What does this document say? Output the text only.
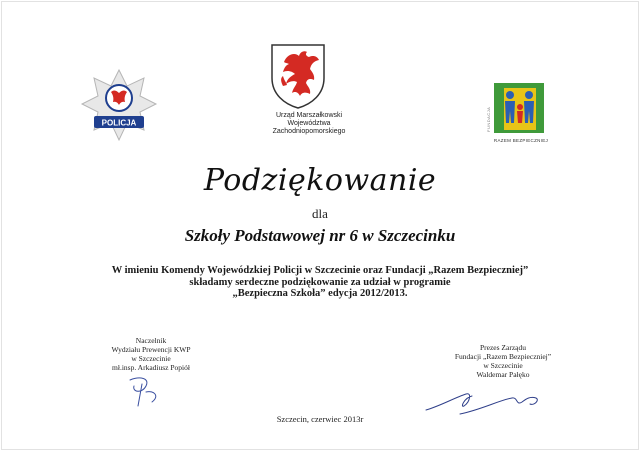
POLICJA
Urząd Marszałkowski
Województwa
Zachodniopomorskiego	FUNDACJA
RAZEM BEZPIECZNIEJ
Podziękowanie
dla
Szkoły Podstawowej nr 6 w Szczecinku
W imieniu Komendy Wojewódzkiej Policji w Szczecinie oraz Fundacji „Razem Bezpieczniej”
składamy serdeczne podziękowanie za udział w programie
„Bezpieczna Szkoła” edycja 2012/2013.
Naczelnik
Wydziału Prewencji KWP
w Szczecinie
mł.insp. Arkadiusz Popiół
Prezes Zarządu
Fundacji „Razem Bezpieczniej”
w Szczecinie
Waldemar Pałęko
Szczecin, czerwiec 2013r
